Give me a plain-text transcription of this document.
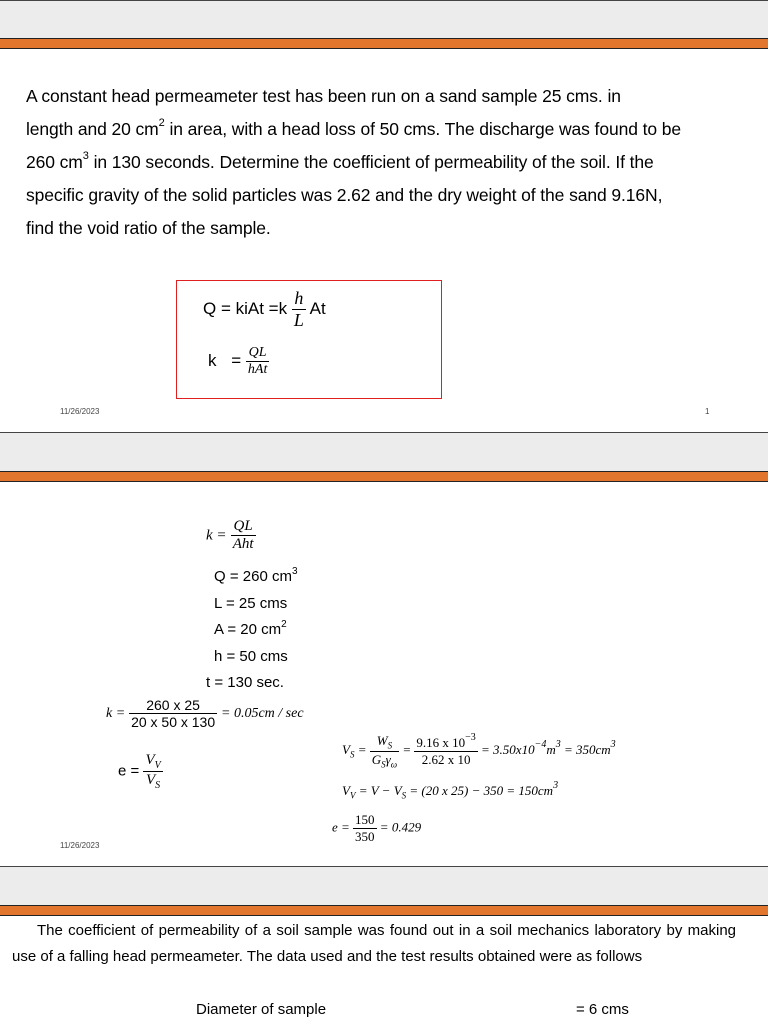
A constant head permeameter test has been run on a sand sample 25 cms. in
length and 20 $cm^2$ in area, with a head loss of 50 cms. The discharge was found to be
260 $cm^3$ in 130 seconds. Determine the coefficient of permeability of the soil. If the
specific gravity of the solid particles was 2.62 and the dry weight of the sand 9.16N,
find the void ratio of the sample.
Q = kiAt $=k \frac{h}{L}$ At
$k = \frac{QL}{\text{hAt}}$
11/26/2023	1
$k = \frac{QL}{\text{Aht}}$
Q = 260 $cm^3$
L = 25 cms
A = 20 $cm^2$
h = 50 cms
t = 130 sec.
$k = \frac{260 x 25}{20 x 50 x 130} = 0.05cm / \sec$
$e = \frac{V_V}{V_S}$
$V_S = \frac{W_S}{G_S\gamma_\omega} = \frac{9.16 x 10^{-3}}{2.62 x 10} = 3.50x10^{-4}m^3 = 350cm^3$
$V_V = V - V_S = (20$ x $25) - 350 = 150cm^3$
$e = \frac{150}{350} = 0.429$
11/26/2023
The coefficient of permeability of a soil sample was found out in a soil mechanics laboratory by making use of a falling head permeameter. The data used and the test results obtained were as follows
Diameter of sample	= 6 cms
